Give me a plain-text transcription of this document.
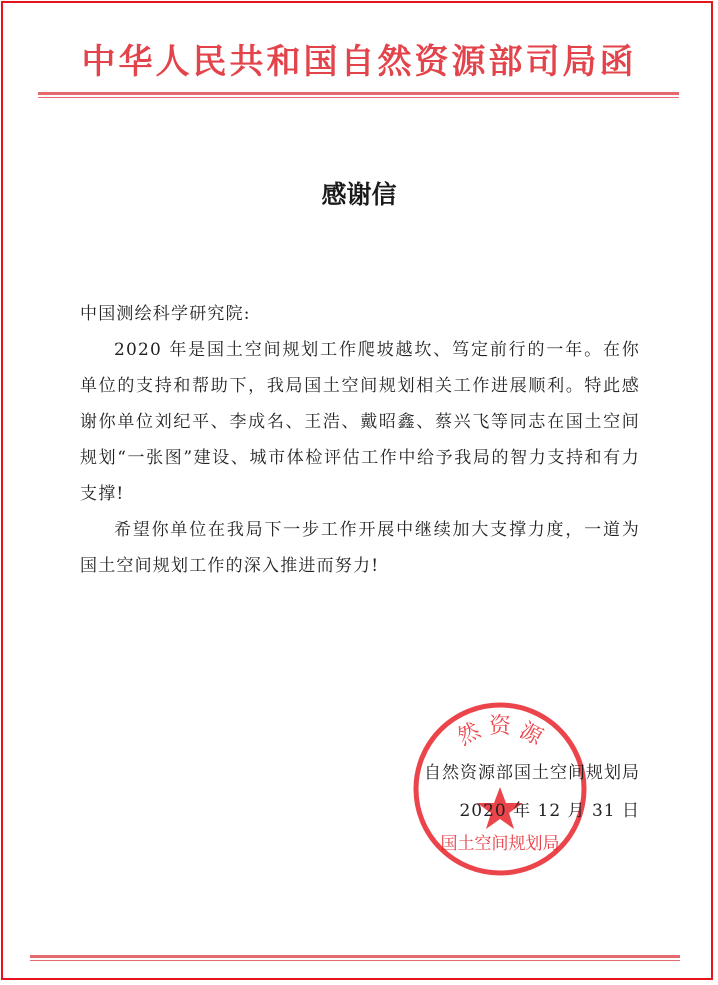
中华人民共和国自然资源部司局函
感谢信

中国测绘科学研究院:

2020 年是国土空间规划工作爬坡越坎、笃定前行的一年。在你单位的支持和帮助下，我局国土空间规划相关工作进展顺利。特此感谢你单位刘纪平、李成名、王浩、戴昭鑫、蔡兴飞等同志在国土空间规划“一张图”建设、城市体检评估工作中给予我局的智力支持和有力支撑!

希望你单位在我局下一步工作开展中继续加大支撑力度，一道为国土空间规划工作的深入推进而努力!

然 资 源
国土空间规划局
自然资源部国土空间规划局
2020 年 12 月 31 日
